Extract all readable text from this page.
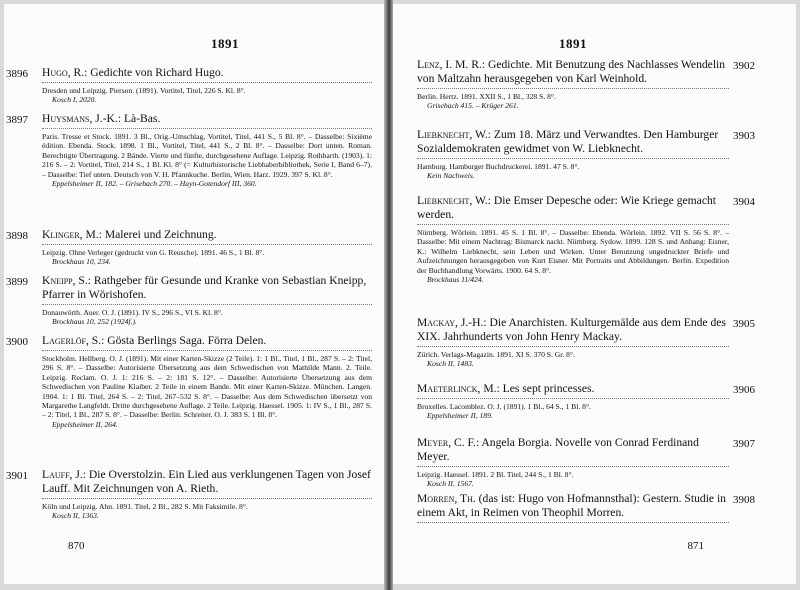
1891
3896 Hugo, R.: Gedichte von Richard Hugo.

Dresden und Leipzig. Pierson. (1891). Vortitel, Titel, 226 S. Kl. 8°.

Kosch I, 2020.

3897 Huysmans, J.-K.: Là-Bas.

Paris. Tresse et Stock. 1891. 3 Bl., Orig.-Umschlag, Vortitel, Titel, 441 S., 5 Bl. 8°. – Dasselbe: Sixième édition. Ebenda. Stock. 1898. 1 Bl., Vortitel, Titel, 441 S., 2 Bl. 8°. – Dasselbe: Dort unten. Roman. Berechtigte Übertragung. 2 Bände. Vierte und fünfte, durchgesehene Auflage. Leipzig. Rothbarth. (1903). 1: 216 S. – 2: Vortitel, Titel, 214 S., 1 Bl. Kl. 8° (= Kulturhistorische Liebhaberbibliothek, Serie I, Band 6–7). – Dasselbe: Tief unten. Deutsch von V. H. Pfannkuche. Berlin, Wien. Harz. 1929. 397 S. Kl. 8°.

Eppelsheimer II, 182. – Grisebach 270. – Hayn-Gotendorf III, 360.

3898 Klinger, M.: Malerei und Zeichnung.

Leipzig. Ohne Verleger (gedruckt von G. Reusche). 1891. 46 S., 1 Bl. 8°.

Brockhaus 10, 234.

3899 Kneipp, S.: Rathgeber für Gesunde und Kranke von Sebastian Kneipp, Pfarrer in Wörishofen.

Donauwörth. Auer. O. J. (1891). IV S., 296 S., VI S. Kl. 8°.

Brockhaus 10, 252 (1924f.).

3900 Lagerlöf, S.: Gösta Berlings Saga. Förra Delen.

Stockholm. Hellberg. O. J. (1891). Mit einer Karten-Skizze (2 Teile). 1: 1 Bl., Titel, 1 Bl., 287 S. – 2: Titel, 296 S. 8°. – Dasselbe: Autorisierte Übersetzung aus dem Schwedischen von Mathilde Mann. 2. Teile. Leipzig. Reclam. O. J. 1: 216 S. – 2: 181 S. 12°. – Dasselbe: Autorisierte Übersetzung aus dem Schwedischen von Pauline Klaiber. 2 Teile in einem Bande. Mit einer Karten-Skizze. München. Langen. 1904. 1: 1 Bl. Titel, 264 S. – 2: Titel, 267–532 S. 8°. – Dasselbe: Aus dem Schwedischen übersetzt von Margarethe Langfeldt. Dritte durchgesehene Auflage. 2 Teile. Leipzig. Haessel. 1905. 1: IV S., 1 Bl., 287 S. – 2: Titel, 1 Bl., 287 S. 8°. – Dasselbe: Berlin. Schreiter. O. J. 383 S. 1 Bl. 8°.

Eppelsheimer II, 264.

3901 Lauff, J.: Die Overstolzin. Ein Lied aus verklungenen Tagen von Josef Lauff. Mit Zeichnungen von A. Rieth.

Köln und Leipzig. Ahn. 1891. Titel, 2 Bl., 282 S. Mit Faksimile. 8°.

Kosch II, 1363.

870
1891
3902

Lenz, I. M. R.: Gedichte. Mit Benutzung des Nachlasses Wendelin von Maltzahn herausgegeben von Karl Weinhold.

Berlin. Hertz. 1891. XXII S., 1 Bl., 328 S. 8°.

Grisebach 415. – Krüger 261.

3903

Liebknecht, W.: Zum 18. März und Verwandtes. Den Hamburger Sozialdemokraten gewidmet von W. Liebknecht.

Hamburg. Hamburger Buchdruckerei. 1891. 47 S. 8°.

Kein Nachweis.

3904

Liebknecht, W.: Die Emser Depesche oder: Wie Kriege gemacht werden.

Nürnberg. Wörlein. 1891. 45 S. 1 Bl. 8°. – Dasselbe: Ebenda. Wörlein. 1892. VII S. 56 S. 8°. – Dasselbe: Mit einem Nachtrag: Bismarck nackt. Nürnberg. Sydow. 1899. 128 S. und Anhang: Eisner, K.: Wilhelm Liebknecht, sein Leben und Wirken. Unter Benutzung ungedruckter Briefe und Aufzeichnungen herausgegeben von Kurt Eisner. Mit Portraits und Abbildungen. Berlin. Expedition der Buchhandlung Vorwärts. 1900. 64 S. 8°.

Brockhaus 11/424.

3905

Mackay, J.-H.: Die Anarchisten. Kulturgemälde aus dem Ende des XIX. Jahrhunderts von John Henry Mackay.

Zürich. Verlags-Magazin. 1891. XI S. 370 S. Gr. 8°.

Kosch II, 1483.

3906

Maeterlinck, M.: Les sept princesses.

Bruxelles. Lacomblez. O. J. (1891). 1 Bl., 64 S., 1 Bl. 8°.

Eppelsheimer II, 189.

3907

Meyer, C. F.: Angela Borgia. Novelle von Conrad Ferdinand Meyer.

Leipzig. Haessel. 1891. 2 Bl. Titel, 244 S., 1 Bl. 8°.

Kosch II, 1567.

3908

Morren, Th. (das ist: Hugo von Hofmannsthal): Gestern. Studie in einem Akt, in Reimen von Theophil Morren.

871
